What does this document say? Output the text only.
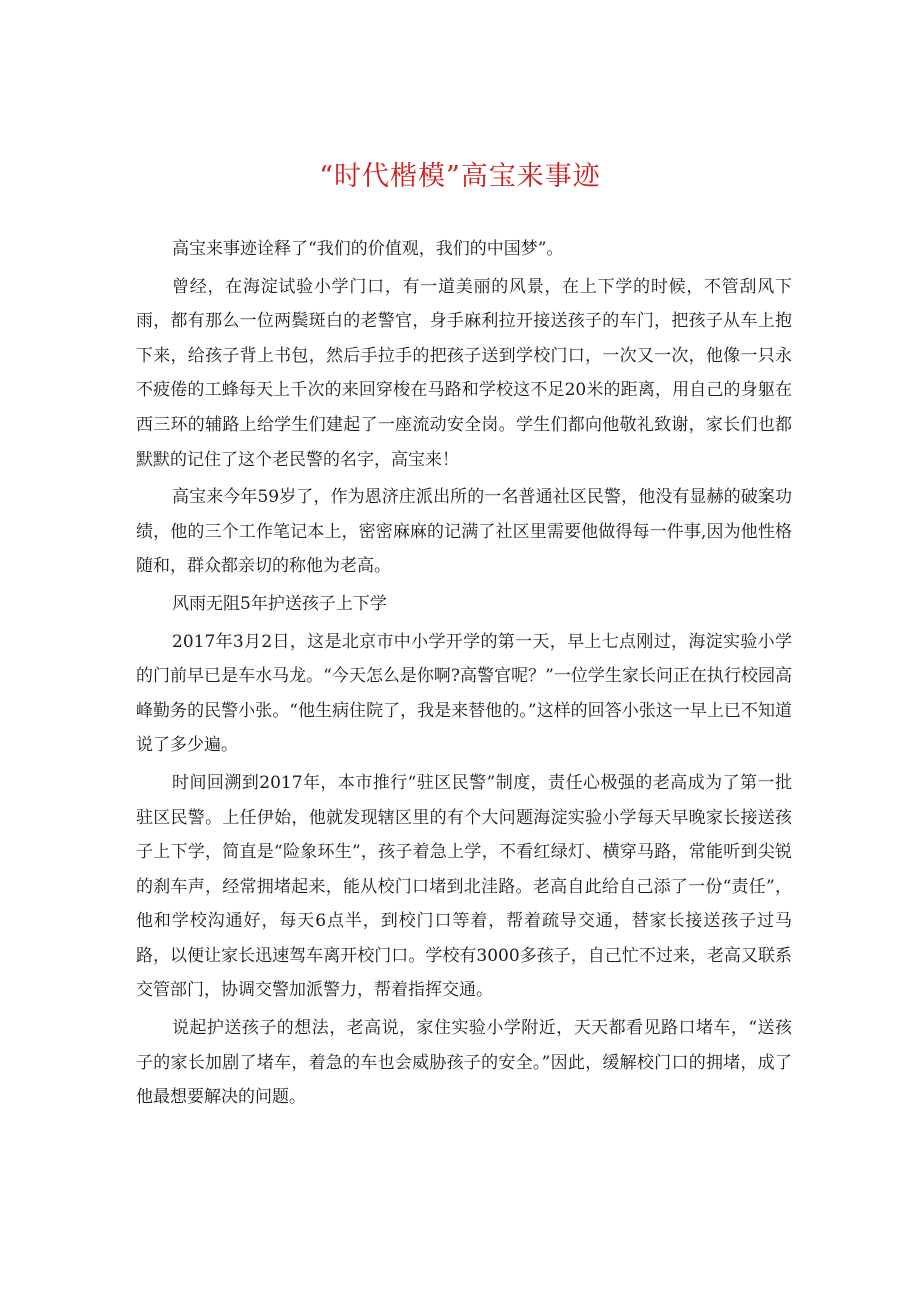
“时代楷模”高宝来事迹

高宝来事迹诠释了“我们的价值观，我们的中国梦”。

曾经，在海淀试验小学门口，有一道美丽的风景，在上下学的时候，不管刮风下雨，都有那么一位两鬓斑白的老警官，身手麻利拉开接送孩子的车门，把孩子从车上抱下来，给孩子背上书包，然后手拉手的把孩子送到学校门口，一次又一次，他像一只永不疲倦的工蜂每天上千次的来回穿梭在马路和学校这不足20米的距离，用自己的身躯在西三环的辅路上给学生们建起了一座流动安全岗。学生们都向他敬礼致谢，家长们也都默默的记住了这个老民警的名字，高宝来！

高宝来今年59岁了，作为恩济庄派出所的一名普通社区民警，他没有显赫的破案功绩，他的三个工作笔记本上，密密麻麻的记满了社区里需要他做得每一件事,因为他性格随和，群众都亲切的称他为老高。

风雨无阻5年护送孩子上下学

2017年3月2日，这是北京市中小学开学的第一天，早上七点刚过，海淀实验小学的门前早已是车水马龙。“今天怎么是你啊?高警官呢？”一位学生家长问正在执行校园高峰勤务的民警小张。“他生病住院了，我是来替他的。”这样的回答小张这一早上已不知道说了多少遍。

时间回溯到2017年，本市推行“驻区民警”制度，责任心极强的老高成为了第一批驻区民警。上任伊始，他就发现辖区里的有个大问题海淀实验小学每天早晚家长接送孩子上下学，简直是“险象环生”，孩子着急上学，不看红绿灯、横穿马路，常能听到尖锐的刹车声，经常拥堵起来，能从校门口堵到北洼路。老高自此给自己添了一份“责任”，他和学校沟通好，每天6点半，到校门口等着，帮着疏导交通，替家长接送孩子过马路，以便让家长迅速驾车离开校门口。学校有3000多孩子，自己忙不过来，老高又联系交管部门，协调交警加派警力，帮着指挥交通。

说起护送孩子的想法，老高说，家住实验小学附近，天天都看见路口堵车，“送孩子的家长加剧了堵车，着急的车也会威胁孩子的安全。”因此，缓解校门口的拥堵，成了他最想要解决的问题。
